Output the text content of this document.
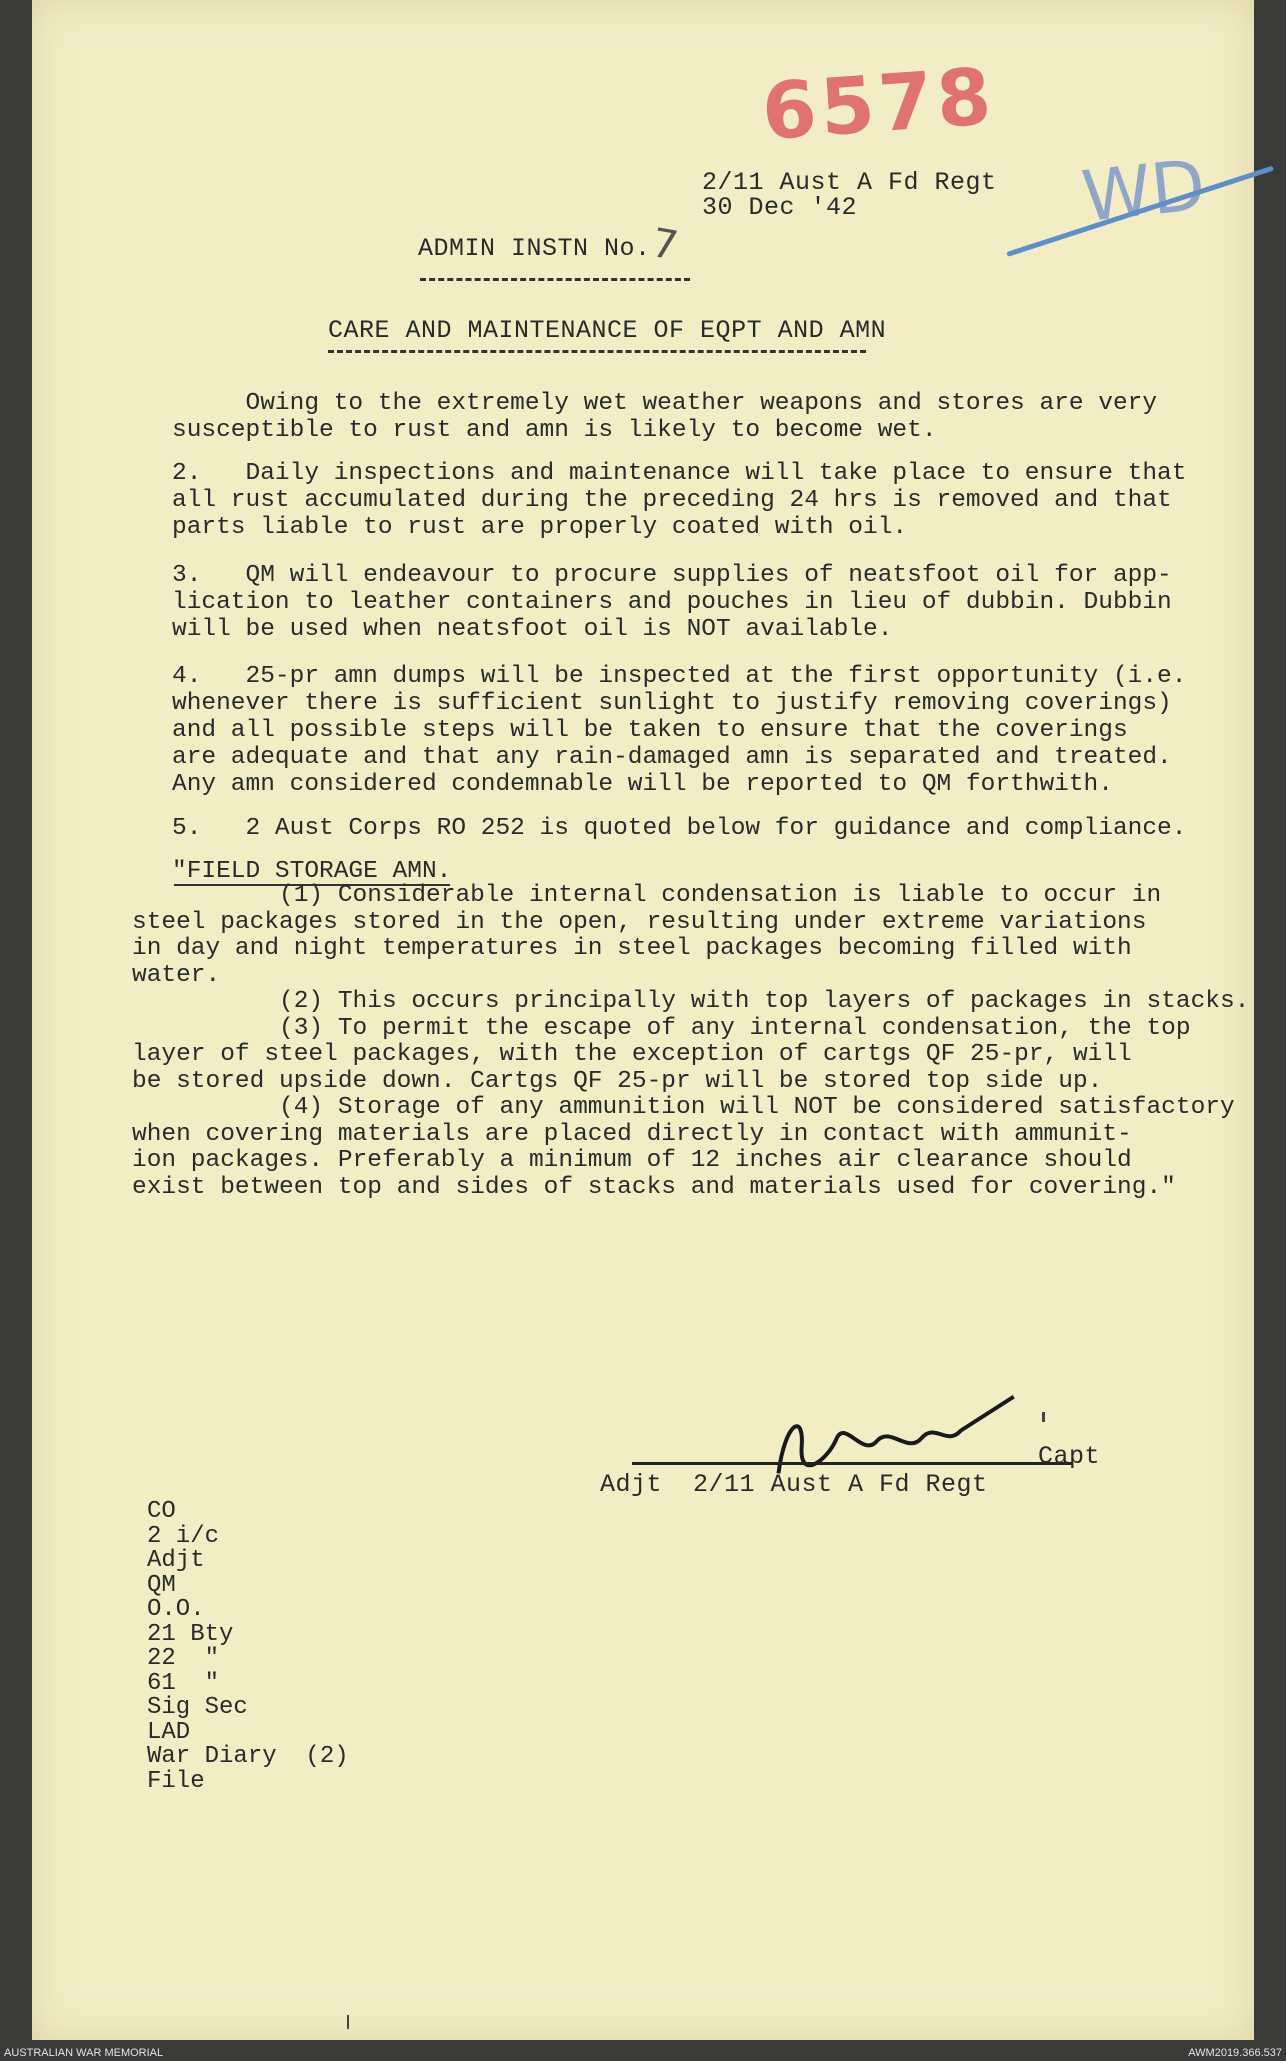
6578
WD
2/11 Aust A Fd Regt
30 Dec '42
ADMIN INSTN No.
7
CARE AND MAINTENANCE OF EQPT AND AMN
Owing to the extremely wet weather weapons and stores are very
susceptible to rust and amn is likely to become wet.
2.   Daily inspections and maintenance will take place to ensure that
all rust accumulated during the preceding 24 hrs is removed and that
parts liable to rust are properly coated with oil.
3.   QM will endeavour to procure supplies of neatsfoot oil for app-
lication to leather containers and pouches in lieu of dubbin. Dubbin
will be used when neatsfoot oil is NOT available.
4.   25-pr amn dumps will be inspected at the first opportunity (i.e.
whenever there is sufficient sunlight to justify removing coverings)
and all possible steps will be taken to ensure that the coverings
are adequate and that any rain-damaged amn is separated and treated.
Any amn considered condemnable will be reported to QM forthwith.
5.   2 Aust Corps RO 252 is quoted below for guidance and compliance.
"FIELD STORAGE AMN.
(1) Considerable internal condensation is liable to occur in
steel packages stored in the open, resulting under extreme variations
in day and night temperatures in steel packages becoming filled with
water.
(2) This occurs principally with top layers of packages in stacks.
(3) To permit the escape of any internal condensation, the top
layer of steel packages, with the exception of cartgs QF 25-pr, will
be stored upside down. Cartgs QF 25-pr will be stored top side up.
(4) Storage of any ammunition will NOT be considered satisfactory
when covering materials are placed directly in contact with ammunit-
ion packages. Preferably a minimum of 12 inches air clearance should
exist between top and sides of stacks and materials used for covering."
Capt
Adjt  2/11 Aust A Fd Regt
CO
2 i/c
Adjt
QM
O.O.
21 Bty
22  "
61  "
Sig Sec
LAD
War Diary  (2)
File
AUSTRALIAN WAR MEMORIAL	AWM2019.366.537
